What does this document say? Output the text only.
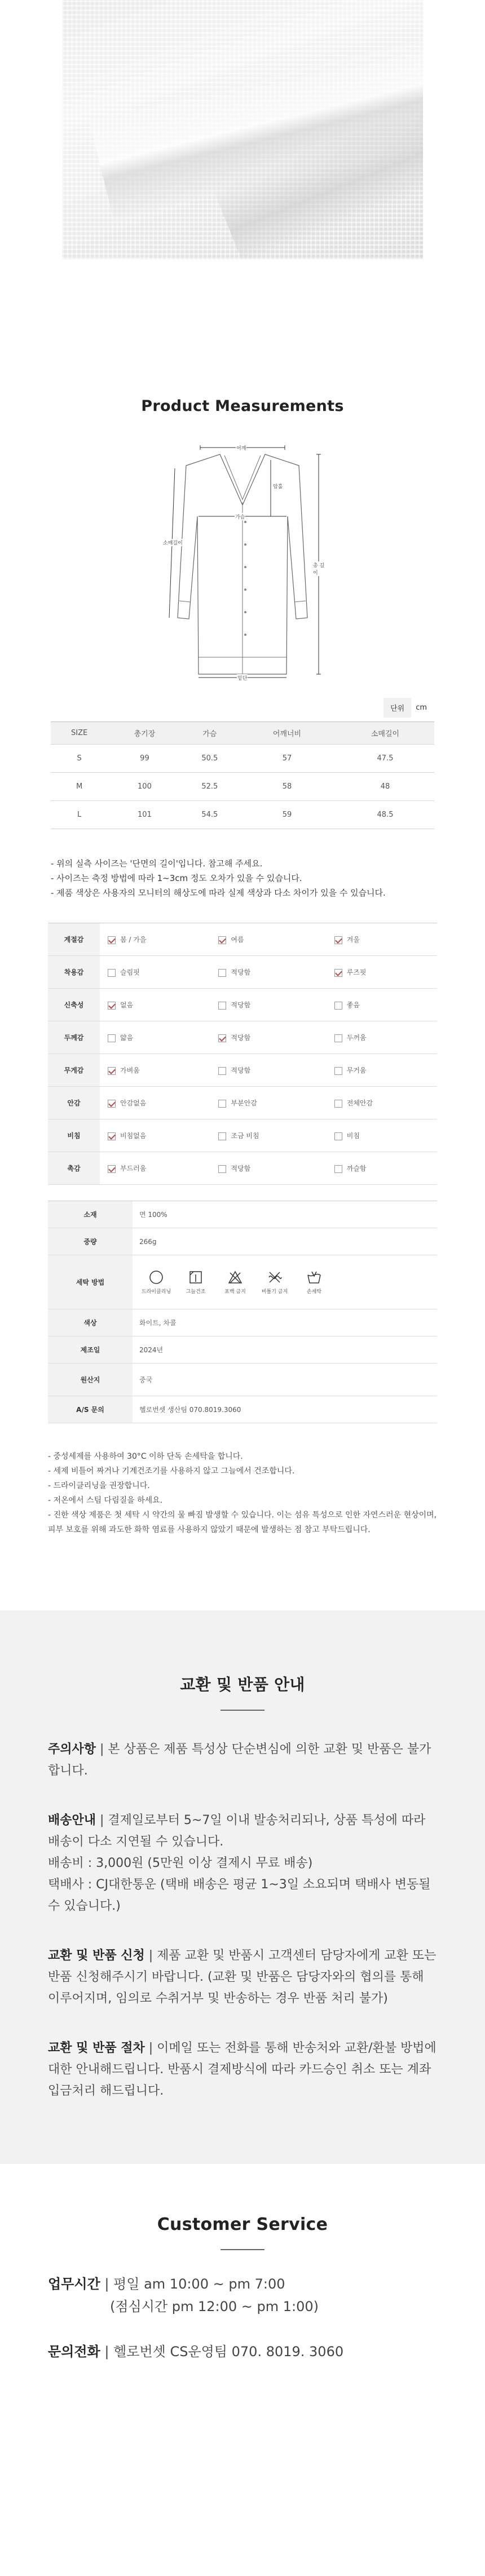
Product Measurements
어깨
가슴
암홀
총 길이
소매길이
밑단
단위	cm
SIZE	총기장	가슴	어깨너비	소매길이
S	99	50.5	57	47.5
M	100	52.5	58	48
L	101	54.5	59	48.5

- 위의 실측 사이즈는 '단면의 길이'입니다. 참고해 주세요.

- 사이즈는 측정 방법에 따라 1~3cm 정도 오차가 있을 수 있습니다.

- 제품 색상은 사용자의 모니터의 해상도에 따라 실제 색상과 다소 차이가 있을 수 있습니다.

계절감	봄 / 가을	여름	겨울
착용감	슬림핏	적당함	루즈핏
신축성	없음	적당함	좋음
두께감	얇음	적당함	두꺼움
무게감	가벼움	적당함	무거움
안감	안감없음	부분안감	전체안감
비침	비침없음	조금 비침	비침
촉감	부드러움	적당함	까슬함
소재	면 100%
중량	266g
세탁 방법	드라이클리닝 그늘건조 표백 금지 비틀기 금지 손세탁

색상	화이트, 차콜
제조일	2024년
원산지	중국
A/S 문의	헬로번셋 생산팀 070.8019.3060

- 중성세제를 사용하여 30°C 이하 단독 손세탁을 합니다.

- 세제 비틀어 짜거나 기계건조기를 사용하지 않고 그늘에서 건조합니다.

- 드라이클리닝을 권장합니다.

- 저온에서 스팀 다림질을 하세요.

- 진한 색상 제품은 첫 세탁 시 약간의 물 빠짐 발생할 수 있습니다. 이는 섬유 특성으로 인한 자연스러운 현상이며, 피부 보호를 위해 과도한 화학 염료를 사용하지 않았기 때문에 발생하는 점 참고 부탁드립니다.

교환 및 반품 안내
주의사항 | 본 상품은 제품 특성상 단순변심에 의한 교환 및 반품은 불가합니다.
배송안내 | 결제일로부터 5~7일 이내 발송처리되나, 상품 특성에 따라 배송이 다소 지연될 수 있습니다.
배송비 : 3,000원 (5만원 이상 결제시 무료 배송)
택배사 : CJ대한통운 (택배 배송은 평균 1~3일 소요되며 택배사 변동될 수 있습니다.)
교환 및 반품 신청 | 제품 교환 및 반품시 고객센터 담당자에게 교환 또는 반품 신청해주시기 바랍니다. (교환 및 반품은 담당자와의 협의를 통해 이루어지며, 임의로 수취거부 및 반송하는 경우 반품 처리 불가)
교환 및 반품 절차 | 이메일 또는 전화를 통해 반송처와 교환/환불 방법에 대한 안내해드립니다. 반품시 결제방식에 따라 카드승인 취소 또는 계좌 입금처리 해드립니다.
Customer Service
업무시간 | 평일 am 10:00 ~ pm 7:00
(점심시간 pm 12:00 ~ pm 1:00)
문의전화 | 헬로번셋 CS운영팀 070. 8019. 3060
